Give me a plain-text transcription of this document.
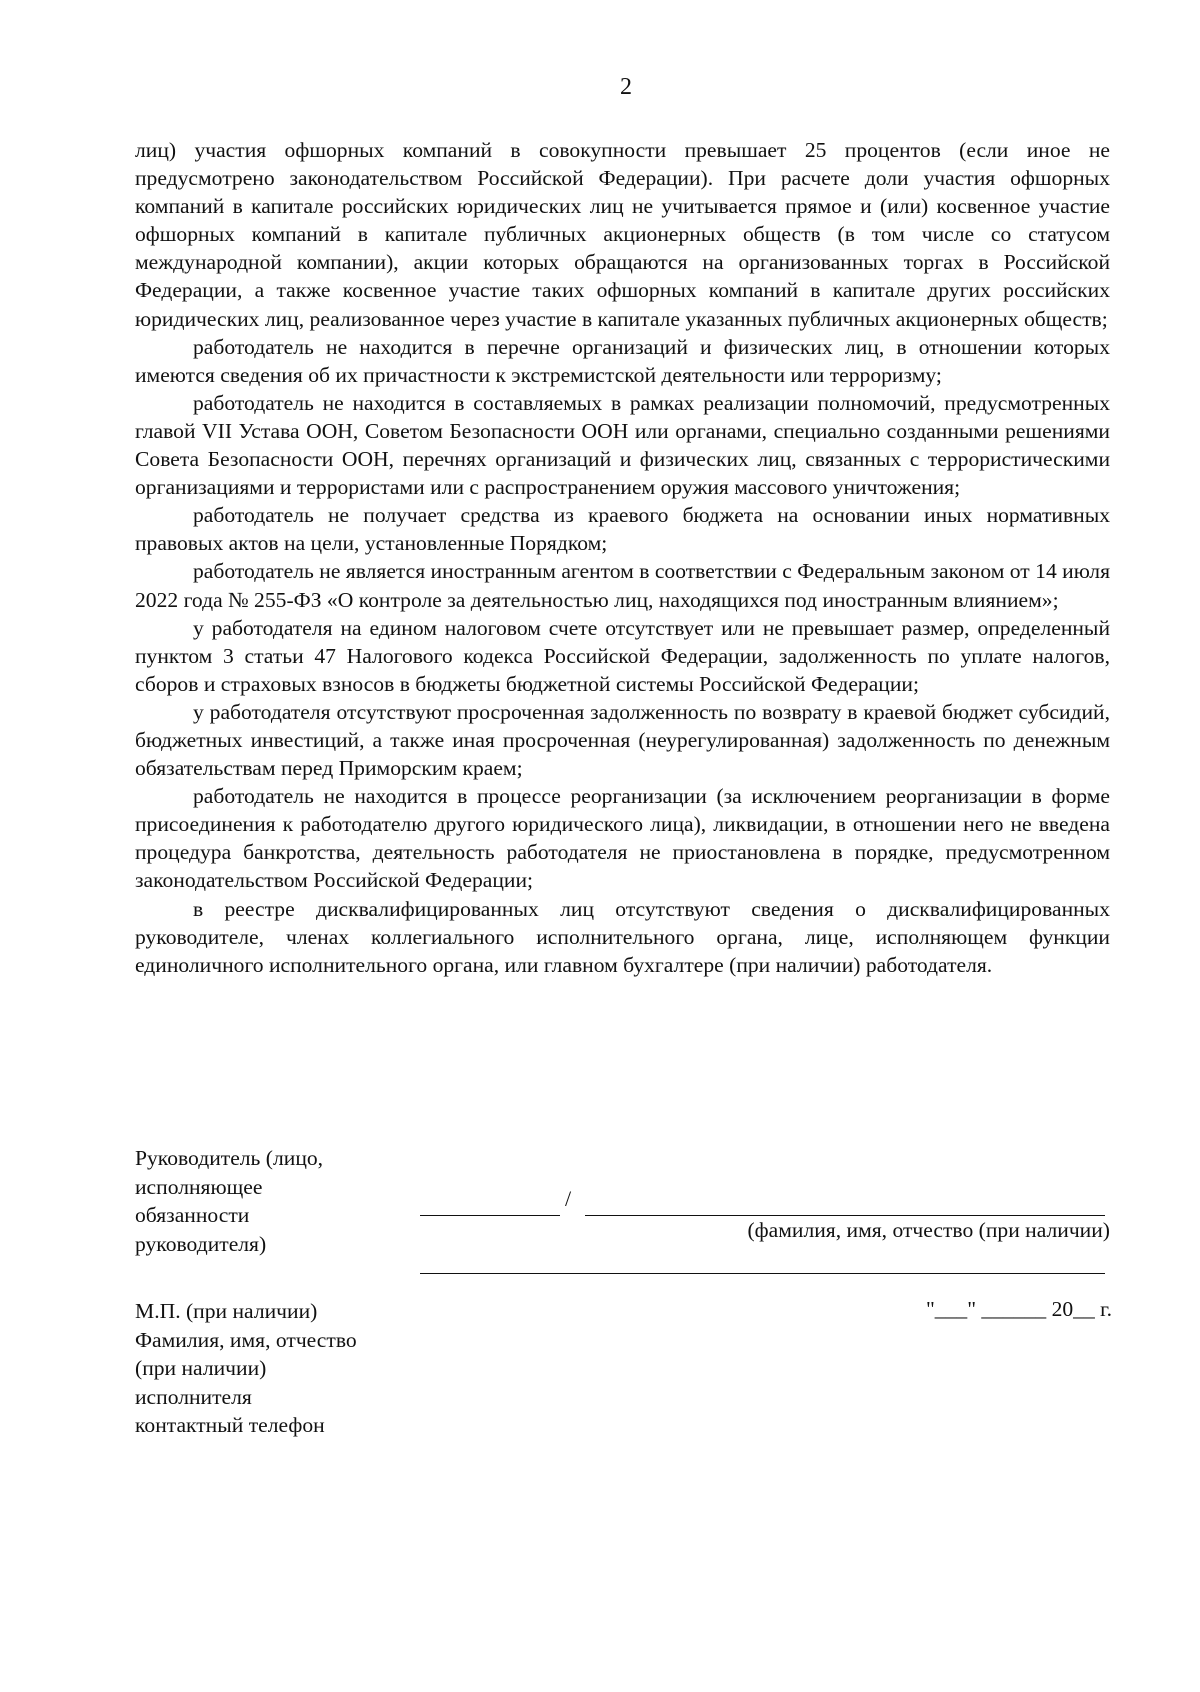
2

лиц) участия офшорных компаний в совокупности превышает 25 процентов (если иное не предусмотрено законодательством Российской Федерации). При расчете доли участия офшорных компаний в капитале российских юридических лиц не учитывается прямое и (или) косвенное участие офшорных компаний в капитале публичных акционерных обществ (в том числе со статусом международной компании), акции которых обращаются на организованных торгах в Российской Федерации, а также косвенное участие таких офшорных компаний в капитале других российских юридических лиц, реализованное через участие в капитале указанных публичных акционерных обществ;

работодатель не находится в перечне организаций и физических лиц, в отношении которых имеются сведения об их причастности к экстремистской деятельности или терроризму;

работодатель не находится в составляемых в рамках реализации полномочий, предусмотренных главой VII Устава ООН, Советом Безопасности ООН или органами, специально созданными решениями Совета Безопасности ООН, перечнях организаций и физических лиц, связанных с террористическими организациями и террористами или с распространением оружия массового уничтожения;

работодатель не получает средства из краевого бюджета на основании иных нормативных правовых актов на цели, установленные Порядком;

работодатель не является иностранным агентом в соответствии с Федеральным законом от 14 июля 2022 года № 255-ФЗ «О контроле за деятельностью лиц, находящихся под иностранным влиянием»;

у работодателя на едином налоговом счете отсутствует или не превышает размер, определенный пунктом 3 статьи 47 Налогового кодекса Российской Федерации, задолженность по уплате налогов, сборов и страховых взносов в бюджеты бюджетной системы Российской Федерации;

у работодателя отсутствуют просроченная задолженность по возврату в краевой бюджет субсидий, бюджетных инвестиций, а также иная просроченная (неурегулированная) задолженность по денежным обязательствам перед Приморским краем;

работодатель не находится в процессе реорганизации (за исключением реорганизации в форме присоединения к работодателю другого юридического лица), ликвидации, в отношении него не введена процедура банкротства, деятельность работодателя не приостановлена в порядке, предусмотренном законодательством Российской Федерации;

в реестре дисквалифицированных лиц отсутствуют сведения о дисквалифицированных руководителе, членах коллегиального исполнительного органа, лице, исполняющем функции единоличного исполнительного органа, или главном бухгалтере (при наличии) работодателя.

Руководитель (лицо,
исполняющее
обязанности
руководителя)
/
(фамилия, имя, отчество (при наличии)
М.П. (при наличии)
Фамилия, имя, отчество
(при наличии)
исполнителя
контактный телефон
"___" ______ 20__ г.
